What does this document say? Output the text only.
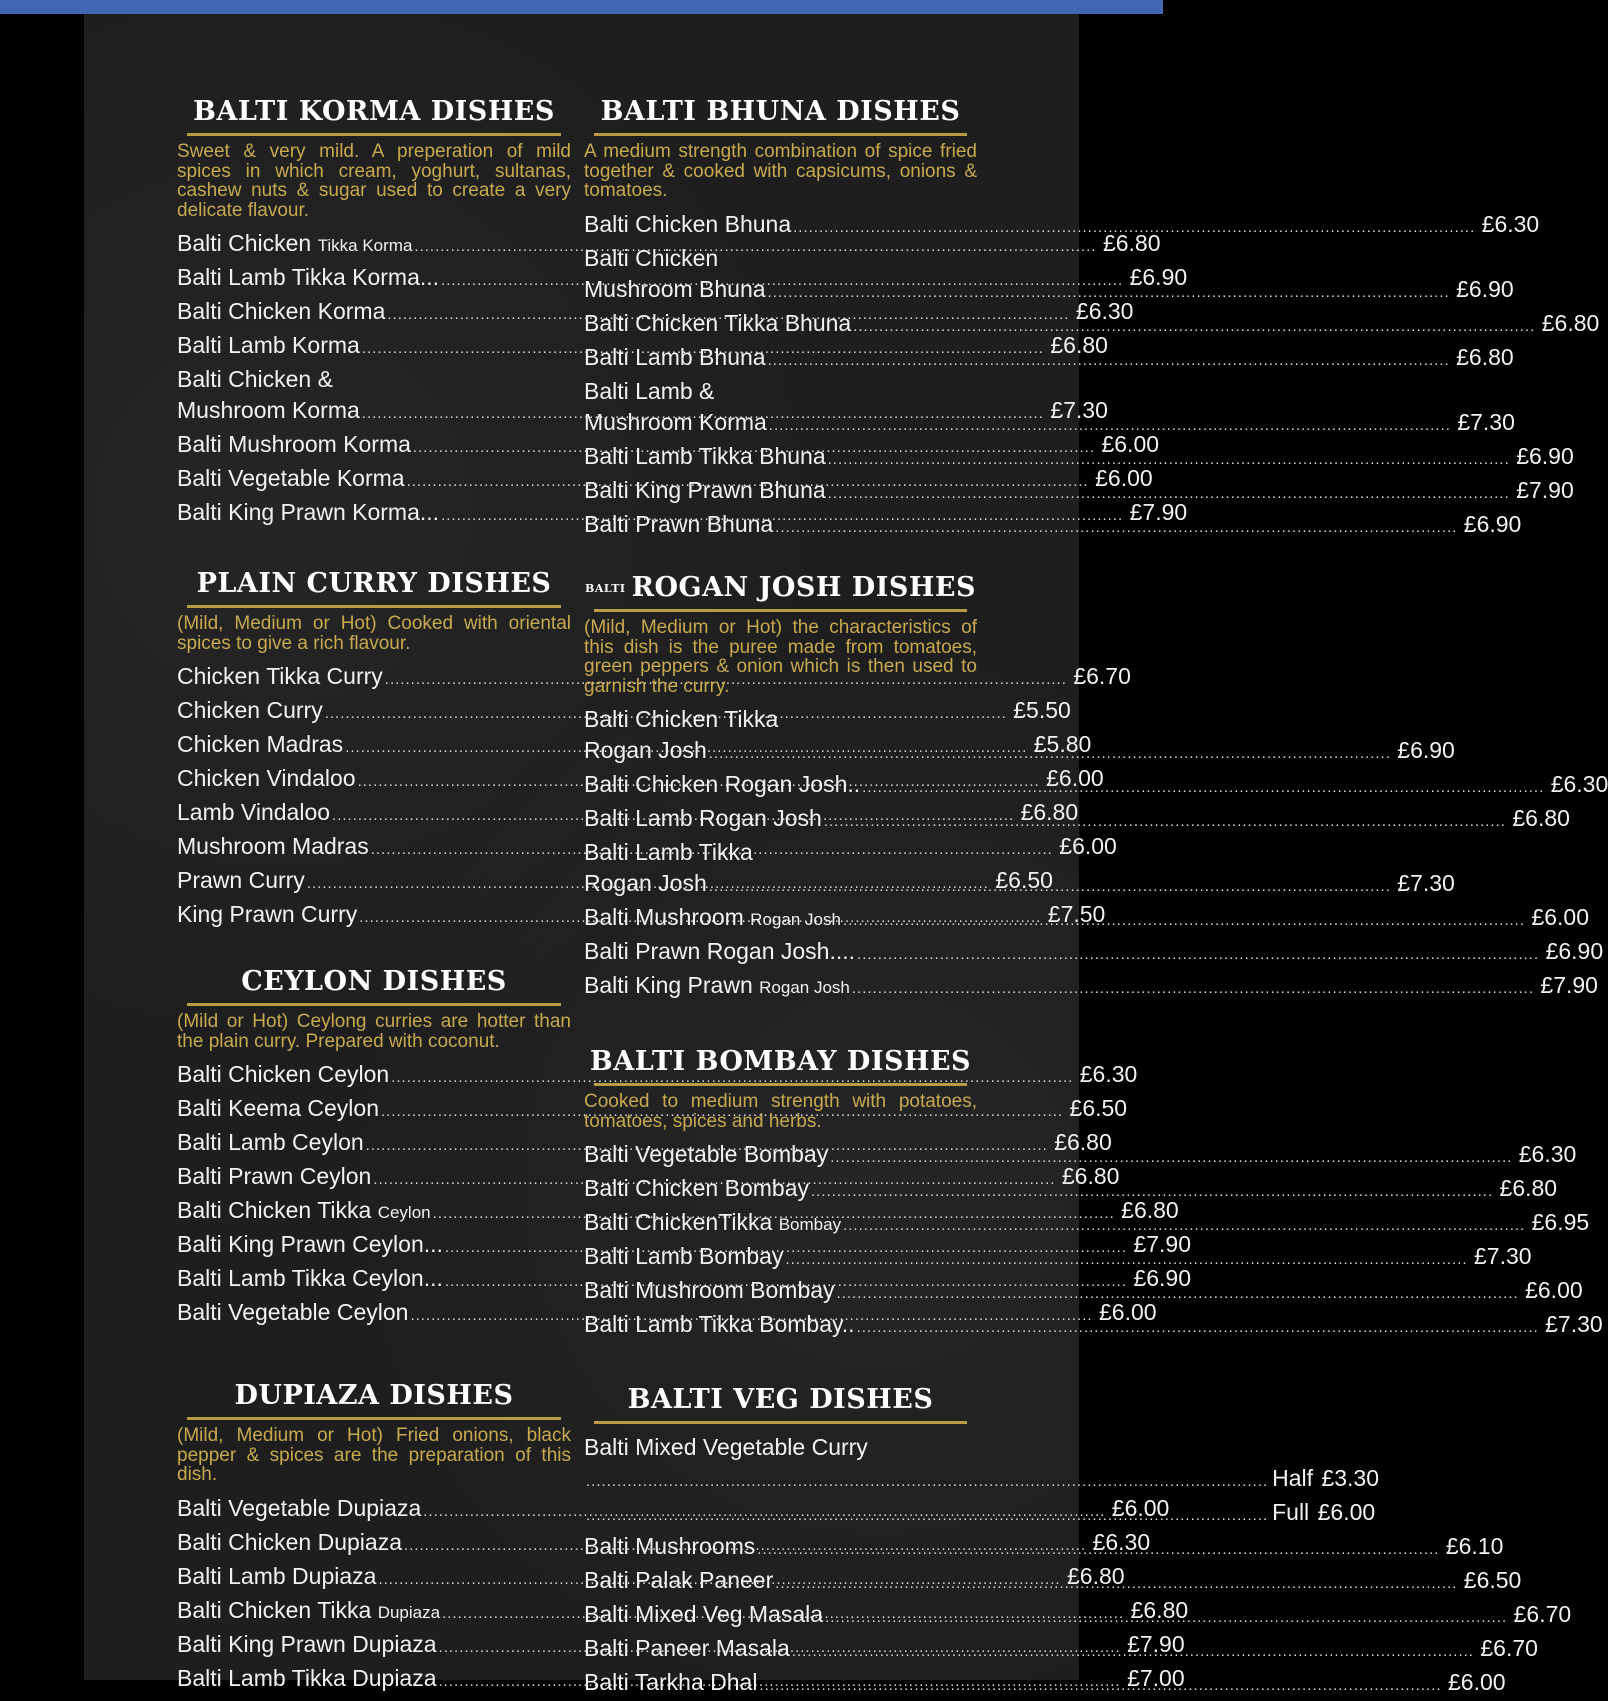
BALTI KORMA DISHES
Sweet & very mild. A preperation of mild spices in which cream, yoghurt, sultanas, cashew nuts & sugar used to create a very delicate flavour.
Balti Chicken Tikka Korma .....	£6.80
Balti Lamb Tikka Korma... .....	£6.90
Balti Chicken Korma .....	£6.30
Balti Lamb Korma .....	£6.80
Balti Chicken &
Mushroom Korma .....	£7.30
Balti Mushroom Korma .....	£6.00
Balti Vegetable Korma .....	£6.00
Balti King Prawn Korma... .....	£7.90
PLAIN CURRY DISHES
(Mild, Medium or Hot) Cooked with oriental spices to give a rich flavour.
Chicken Tikka Curry .....	£6.70
Chicken Curry .....	£5.50
Chicken Madras .....	£5.80
Chicken Vindaloo .....	£6.00
Lamb Vindaloo .....	£6.80
Mushroom Madras .....	£6.00
Prawn Curry .....	£6.50
King Prawn Curry .....	£7.50
CEYLON DISHES
(Mild or Hot) Ceylong curries are hotter than the plain curry. Prepared with coconut.
Balti Chicken Ceylon .....	£6.30
Balti Keema Ceylon .....	£6.50
Balti Lamb Ceylon .....	£6.80
Balti Prawn Ceylon .....	£6.80
Balti Chicken Tikka Ceylon .....	£6.80
Balti King Prawn Ceylon... .....	£7.90
Balti Lamb Tikka Ceylon... .....	£6.90
Balti Vegetable Ceylon .....	£6.00
DUPIAZA DISHES
(Mild, Medium or Hot) Fried onions, black pepper & spices are the preparation of this dish.
Balti Vegetable Dupiaza .....	£6.00
Balti Chicken Dupiaza .....	£6.30
Balti Lamb Dupiaza .....	£6.80
Balti Chicken Tikka Dupiaza .....	£6.80
Balti King Prawn Dupiaza .....	£7.90
Balti Lamb Tikka Dupiaza .....	£7.00
BALTI BHUNA DISHES
A medium strength combination of spice fried together & cooked with capsicums, onions & tomatoes.
Balti Chicken Bhuna .....	£6.30
Balti Chicken
Mushroom Bhuna .....	£6.90
Balti Chicken Tikka Bhuna .....	£6.80
Balti Lamb Bhuna .....	£6.80
Balti Lamb &
Mushroom Korma .....	£7.30
Balti Lamb Tikka Bhuna .....	£6.90
Balti King Prawn Bhuna .....	£7.90
Balti Prawn Bhuna .....	£6.90
BALTI ROGAN JOSH DISHES
(Mild, Medium or Hot) the characteristics of this dish is the puree made from tomatoes, green peppers & onion which is then used to garnish the curry.
Balti Chicken Tikka
Rogan Josh .....	£6.90
Balti Chicken Rogan Josh.. .....	£6.30
Balti Lamb Rogan Josh .....	£6.80
Balti Lamb Tikka
Rogan Josh .....	£7.30
Balti Mushroom Rogan Josh .....	£6.00
Balti Prawn Rogan Josh.... .....	£6.90
Balti King Prawn Rogan Josh .....	£7.90
BALTI BOMBAY DISHES
Cooked to medium strength with potatoes, tomatoes, spices and herbs.
Balti Vegetable Bombay .....	£6.30
Balti Chicken Bombay .....	£6.80
Balti ChickenTikka Bombay .....	£6.95
Balti Lamb Bombay .....	£7.30
Balti Mushroom Bombay .....	£6.00
Balti Lamb Tikka Bombay.. .....	£7.30
BALTI VEG DISHES
Balti Mixed Vegetable Curry
.....
Half £3.30
.....
Full £6.00
Balti Mushrooms .....	£6.10
Balti Palak Paneer .....	£6.50
Balti Mixed Veg Masala .....	£6.70
Balti Paneer Masala .....	£6.70
Balti Tarkha Dhal .....	£6.00
